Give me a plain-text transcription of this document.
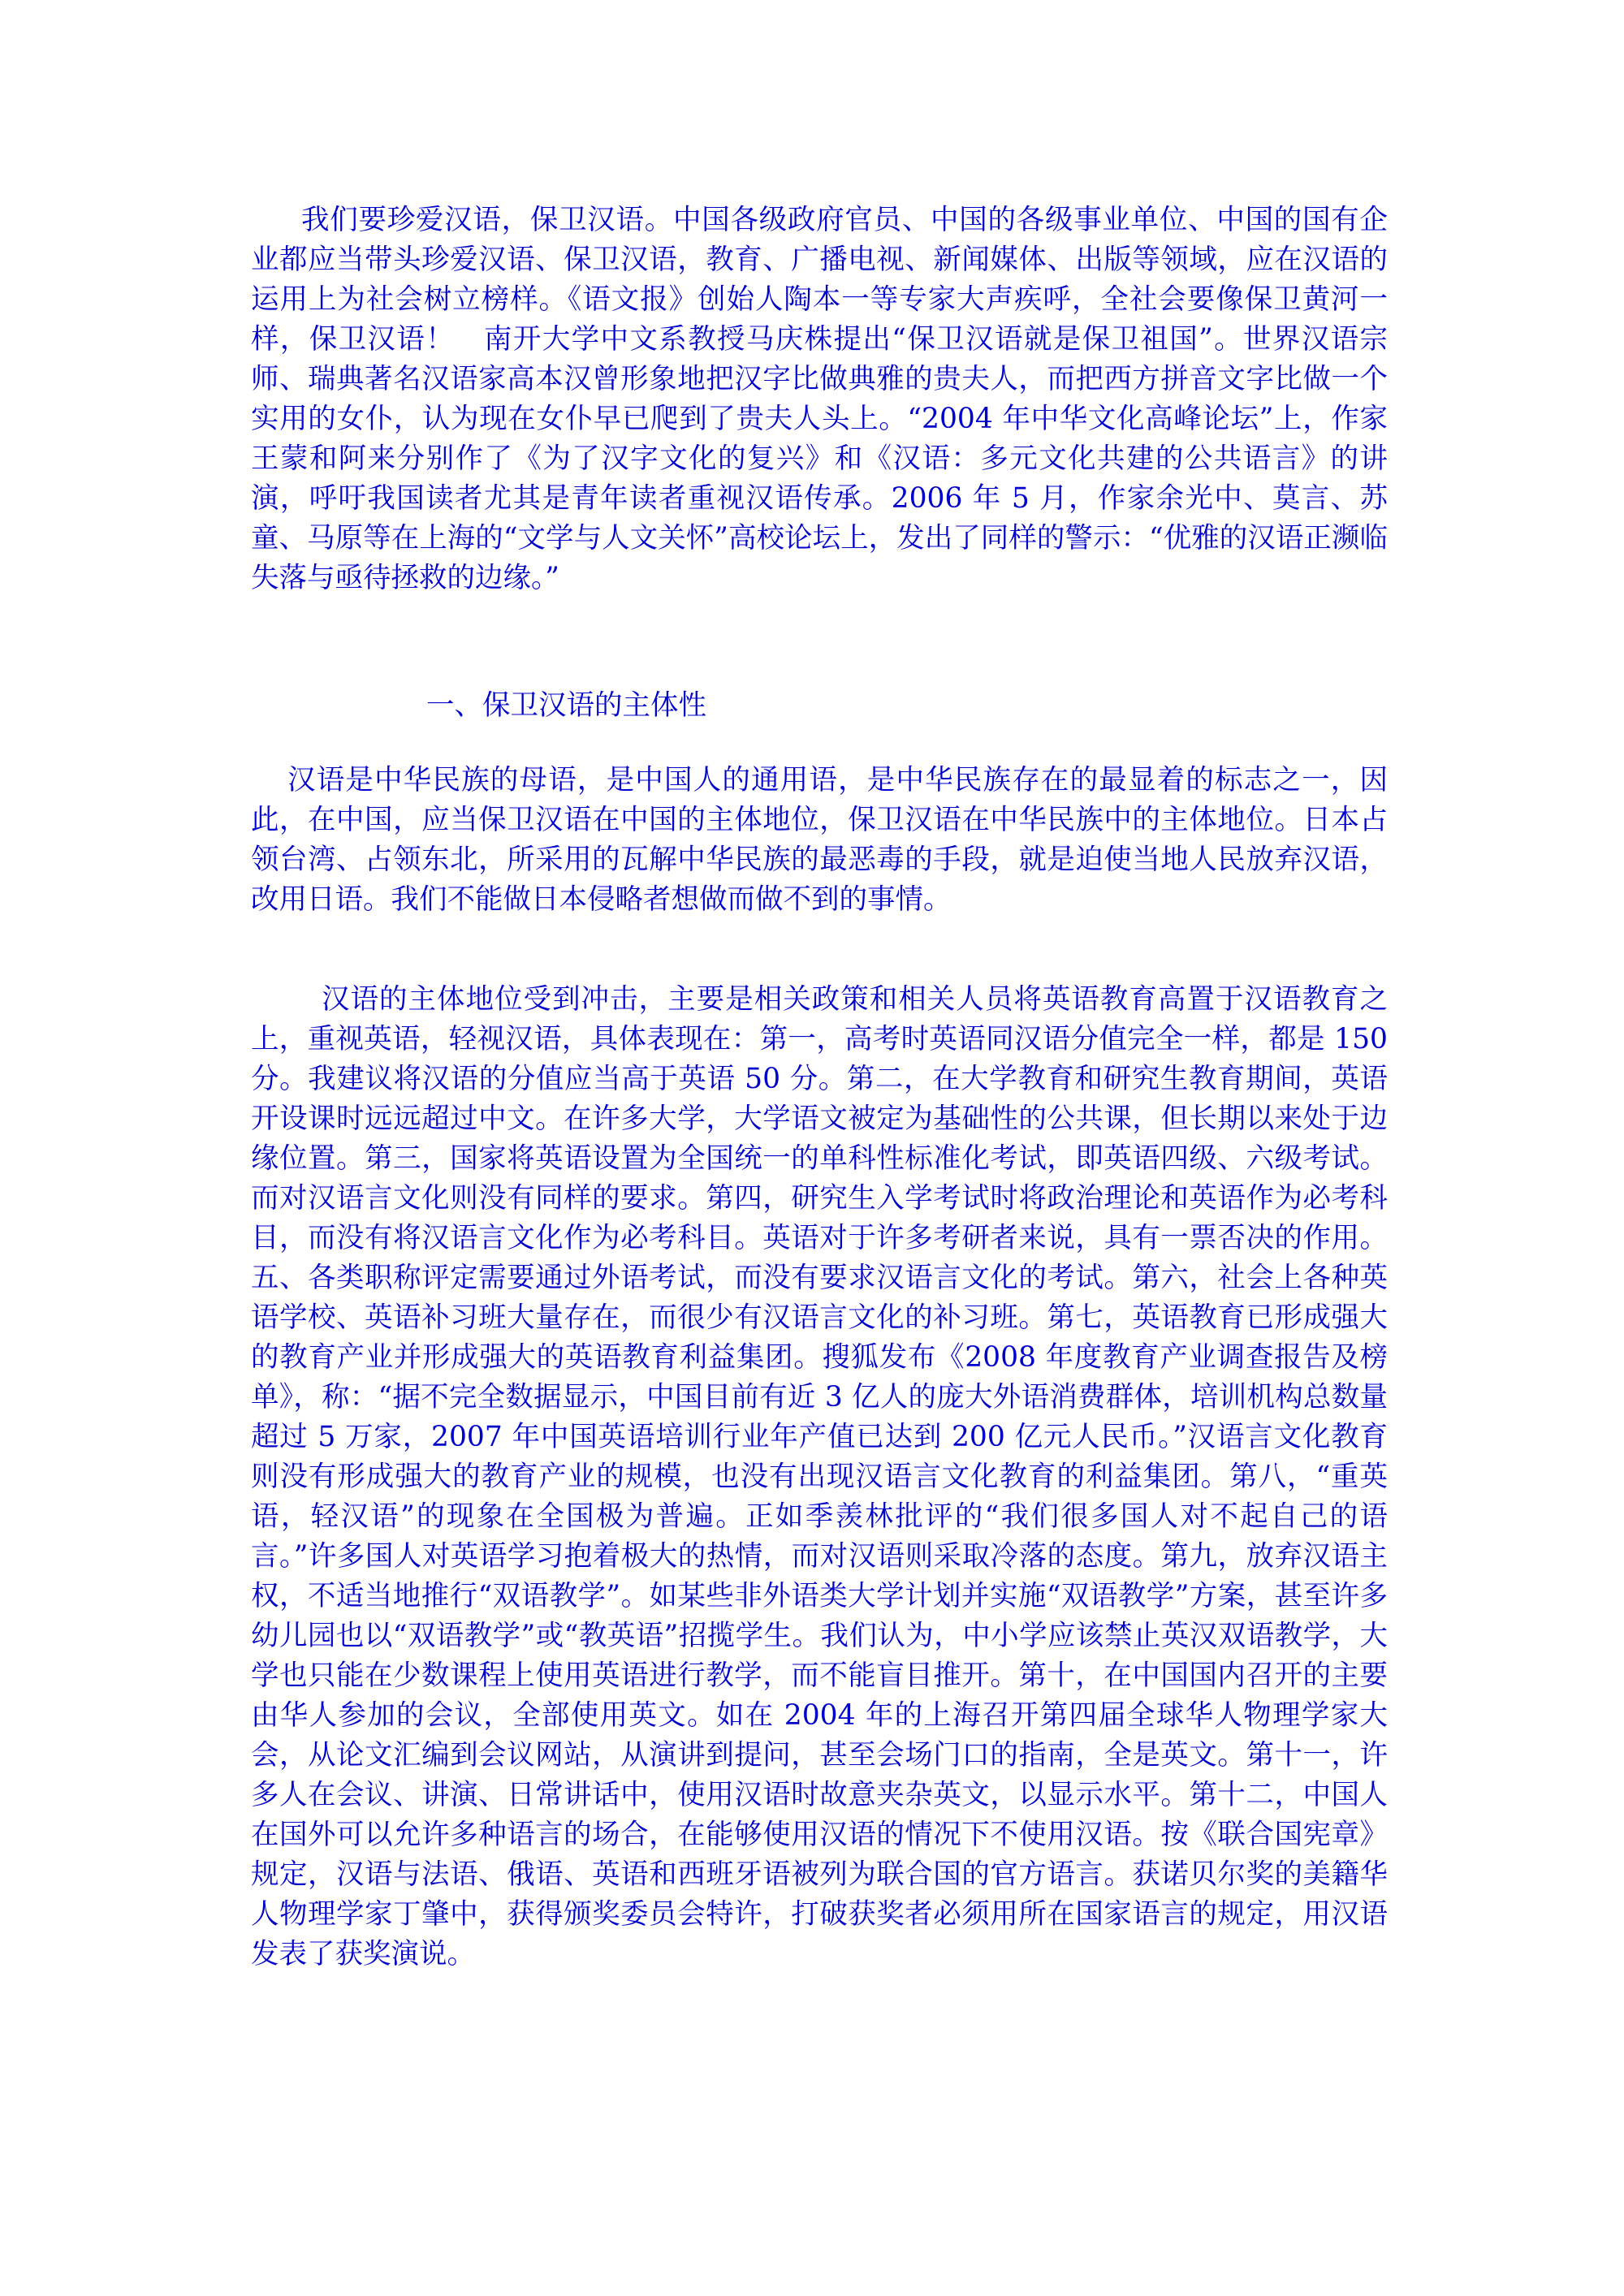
我们要珍爱汉语，保卫汉语。中国各级政府官员、中国的各级事业单位、中国的国有企业都应当带头珍爱汉语、保卫汉语，教育、广播电视、新闻媒体、出版等领域，应在汉语的运用上为社会树立榜样。《语文报》创始人陶本一等专家大声疾呼，全社会要像保卫黄河一样，保卫汉语！　南开大学中文系教授马庆株提出“保卫汉语就是保卫祖国”。世界汉语宗师、瑞典著名汉语家高本汉曾形象地把汉字比做典雅的贵夫人，而把西方拼音文字比做一个实用的女仆，认为现在女仆早已爬到了贵夫人头上。“2004 年中华文化高峰论坛”上，作家王蒙和阿来分别作了《为了汉字文化的复兴》和《汉语：多元文化共建的公共语言》的讲演，呼吁我国读者尤其是青年读者重视汉语传承。2006 年 5 月，作家余光中、莫言、苏童、马原等在上海的“文学与人文关怀”高校论坛上，发出了同样的警示：“优雅的汉语正濒临失落与亟待拯救的边缘。”

一、保卫汉语的主体性

汉语是中华民族的母语，是中国人的通用语，是中华民族存在的最显着的标志之一，因此，在中国，应当保卫汉语在中国的主体地位，保卫汉语在中华民族中的主体地位。日本占领台湾、占领东北，所采用的瓦解中华民族的最恶毒的手段，就是迫使当地人民放弃汉语，改用日语。我们不能做日本侵略者想做而做不到的事情。

汉语的主体地位受到冲击，主要是相关政策和相关人员将英语教育高置于汉语教育之上，重视英语，轻视汉语，具体表现在：第一，高考时英语同汉语分值完全一样，都是 150 分。我建议将汉语的分值应当高于英语 50 分。第二，在大学教育和研究生教育期间，英语开设课时远远超过中文。在许多大学，大学语文被定为基础性的公共课，但长期以来处于边缘位置。第三，国家将英语设置为全国统一的单科性标准化考试，即英语四级、六级考试。而对汉语言文化则没有同样的要求。第四，研究生入学考试时将政治理论和英语作为必考科目，而没有将汉语言文化作为必考科目。英语对于许多考研者来说，具有一票否决的作用。五、各类职称评定需要通过外语考试，而没有要求汉语言文化的考试。第六，社会上各种英语学校、英语补习班大量存在，而很少有汉语言文化的补习班。第七，英语教育已形成强大的教育产业并形成强大的英语教育利益集团。搜狐发布《2008 年度教育产业调查报告及榜单》，称：“据不完全数据显示，中国目前有近 3 亿人的庞大外语消费群体，培训机构总数量超过 5 万家，2007 年中国英语培训行业年产值已达到 200 亿元人民币。”汉语言文化教育则没有形成强大的教育产业的规模，也没有出现汉语言文化教育的利益集团。第八，“重英语，轻汉语”的现象在全国极为普遍。正如季羡林批评的“我们很多国人对不起自己的语言。”许多国人对英语学习抱着极大的热情，而对汉语则采取冷落的态度。第九，放弃汉语主权，不适当地推行“双语教学”。如某些非外语类大学计划并实施“双语教学”方案，甚至许多幼儿园也以“双语教学”或“教英语”招揽学生。我们认为，中小学应该禁止英汉双语教学，大学也只能在少数课程上使用英语进行教学，而不能盲目推开。第十，在中国国内召开的主要由华人参加的会议，全部使用英文。如在 2004 年的上海召开第四届全球华人物理学家大会，从论文汇编到会议网站，从演讲到提问，甚至会场门口的指南，全是英文。第十一，许多人在会议、讲演、日常讲话中，使用汉语时故意夹杂英文，以显示水平。第十二，中国人在国外可以允许多种语言的场合，在能够使用汉语的情况下不使用汉语。按《联合国宪章》规定，汉语与法语、俄语、英语和西班牙语被列为联合国的官方语言。获诺贝尔奖的美籍华人物理学家丁肇中，获得颁奖委员会特许，打破获奖者必须用所在国家语言的规定，用汉语发表了获奖演说。
